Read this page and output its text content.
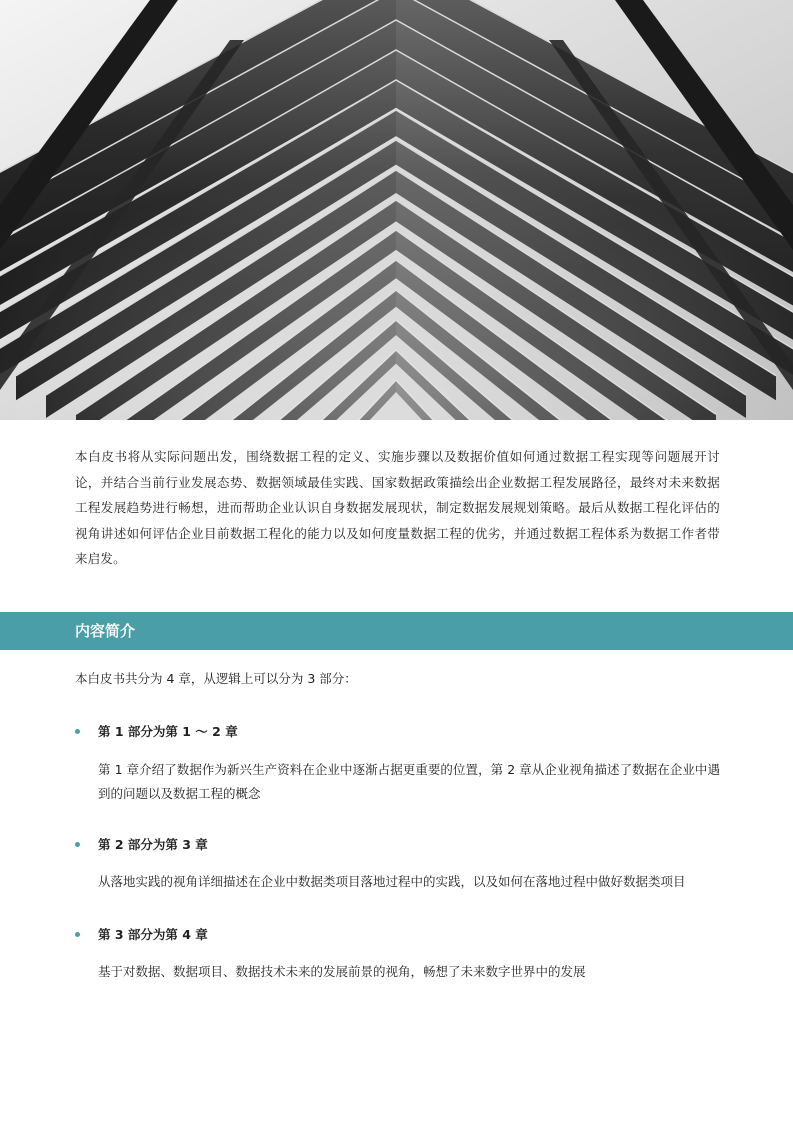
本白皮书将从实际问题出发，围绕数据工程的定义、实施步骤以及数据价值如何通过数据工程实现等问题展开讨论，并结合当前行业发展态势、数据领域最佳实践、国家数据政策描绘出企业数据工程发展路径，最终对未来数据工程发展趋势进行畅想，进而帮助企业认识自身数据发展现状，制定数据发展规划策略。最后从数据工程化评估的视角讲述如何评估企业目前数据工程化的能力以及如何度量数据工程的优劣，并通过数据工程体系为数据工作者带来启发。

内容简介

本白皮书共分为 4 章，从逻辑上可以分为 3 部分：

第 1 部分为第 1 ～ 2 章

第 1 章介绍了数据作为新兴生产资料在企业中逐渐占据更重要的位置，第 2 章从企业视角描述了数据在企业中遇到的问题以及数据工程的概念

第 2 部分为第 3 章

从落地实践的视角详细描述在企业中数据类项目落地过程中的实践，以及如何在落地过程中做好数据类项目

第 3 部分为第 4 章

基于对数据、数据项目、数据技术未来的发展前景的视角，畅想了未来数字世界中的发展
